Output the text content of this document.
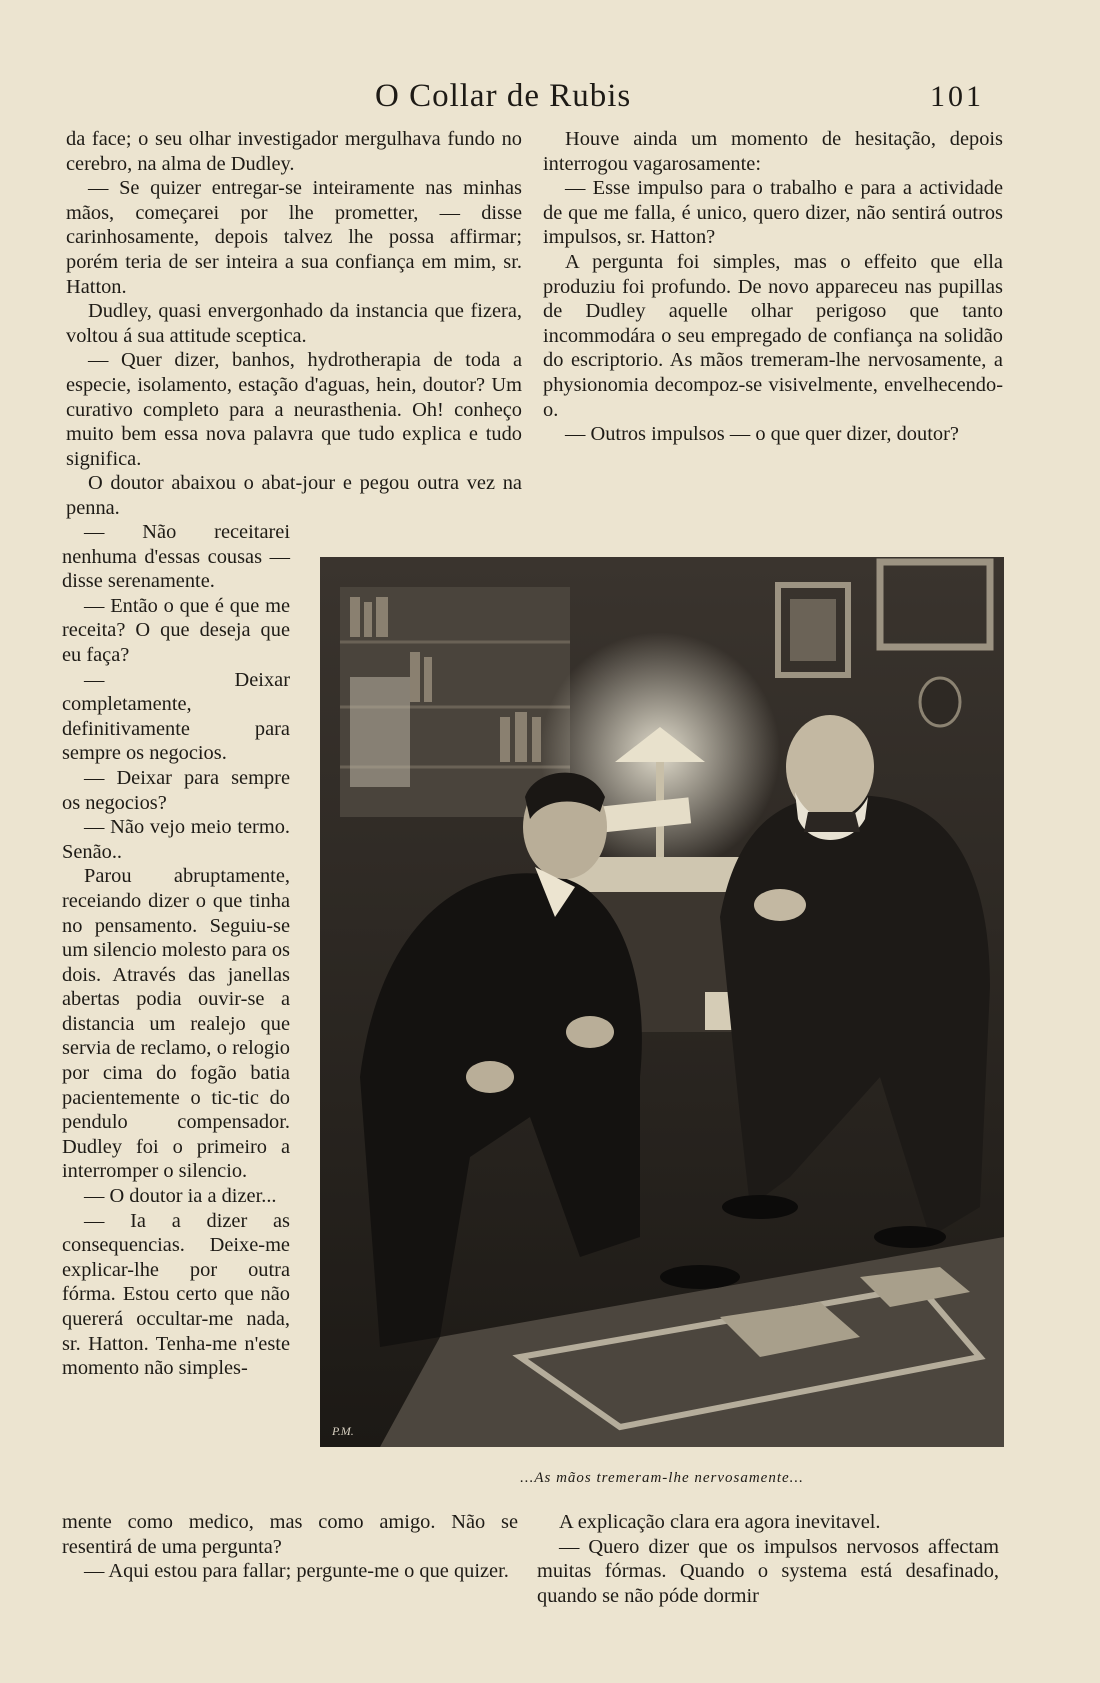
O Collar de Rubis	101

da face; o seu olhar investigador mergulhava fundo no cerebro, na alma de Dudley.

— Se quizer entregar-se inteiramente nas minhas mãos, começarei por lhe prometter, — disse carinhosamente, depois talvez lhe possa affirmar; porém teria de ser inteira a sua confiança em mim, sr. Hatton.

Dudley, quasi envergonhado da instancia que fizera, voltou á sua attitude sceptica.

— Quer dizer, banhos, hydrotherapia de toda a especie, isolamento, estação d'aguas, hein, doutor? Um curativo completo para a neurasthenia. Oh! conheço muito bem essa nova palavra que tudo explica e tudo significa.

O doutor abaixou o abat-jour e pegou outra vez na penna.

Houve ainda um momento de hesitação, depois interrogou vagarosamente:

— Esse impulso para o trabalho e para a actividade de que me falla, é unico, quero dizer, não sentirá outros impulsos, sr. Hatton?

A pergunta foi simples, mas o effeito que ella produziu foi profundo. De novo appareceu nas pupillas de Dudley aquelle olhar perigoso que tanto incommodára o seu empregado de confiança na solidão do escriptorio. As mãos tremeram-lhe nervosamente, a physionomia decompoz-se visivelmente, envelhecendo-o.

— Outros impulsos — o que quer dizer, doutor?

— Não receitarei nenhuma d'essas cousas — disse serenamente.

— Então o que é que me receita? O que deseja que eu faça?

— Deixar completamente, definitivamente para sempre os negocios.

— Deixar para sempre os negocios?

— Não vejo meio termo. Senão..

Parou abruptamente, receiando dizer o que tinha no pensamento. Seguiu-se um silencio molesto para os dois. Através das janellas abertas podia ouvir-se a distancia um realejo que servia de reclamo, o relogio por cima do fogão batia pacientemente o tic-tic do pendulo compensador. Dudley foi o primeiro a interromper o silencio.

— O doutor ia a dizer...

— Ia a dizer as consequencias. Deixe-me explicar-lhe por outra fórma. Estou certo que não quererá occultar-me nada, sr. Hatton. Tenha-me n'este momento não simples-

P.M.
...As mãos tremeram-lhe nervosamente...

mente como medico, mas como amigo. Não se resentirá de uma pergunta?

— Aqui estou para fallar; pergunte-me o que quizer.

A explicação clara era agora inevitavel.

— Quero dizer que os impulsos nervosos affectam muitas fórmas. Quando o systema está desafinado, quando se não póde dormir
